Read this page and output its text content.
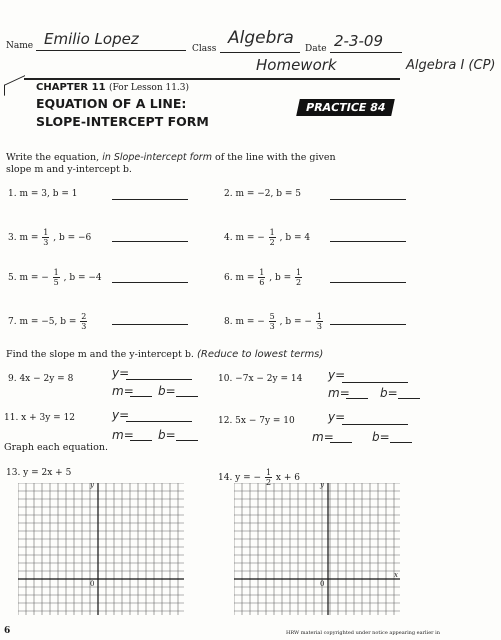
Name Emilio Lopez
Class
Algebra
Date 2-3-09
Homework	Algebra I (CP)
CHAPTER 11 (For Lesson 11.3)
EQUATION OF A LINE:
SLOPE-INTERCEPT FORM
PRACTICE 84
Write the equation, in Slope-intercept form of the line with the given
slope m and y-intercept b.
1. m = 3, b = 1	2. m = −2, b = 5
3. $m = \frac{1}{3}$ , b = −6	4. m = − $\frac{1}{2}$ , b = 4
5. m = − $\frac{1}{5}$ , b = −4	6. $m = \frac{1}{6}$ , $b = \frac{1}{2}$
7. m = −5, $b = \frac{2}{3}$	8. m = − $\frac{5}{3}$ , b = − $\frac{1}{3}$
Find the slope m and the y-intercept b. (Reduce to lowest terms)
9. 4x − 2y = 8	y=
m= b=
10. −7x − 2y = 14 y=
m=	b=
11. x + 3y = 12	y=
m= b=
12. 5x − 7y = 10	y=
m=	b=
Graph each equation.
13. y = 2x + 5	14. y = − $\frac{1}{2}$ x + 6
y
0
y
0
x
6	HRW material copyrighted under notice appearing earlier in
